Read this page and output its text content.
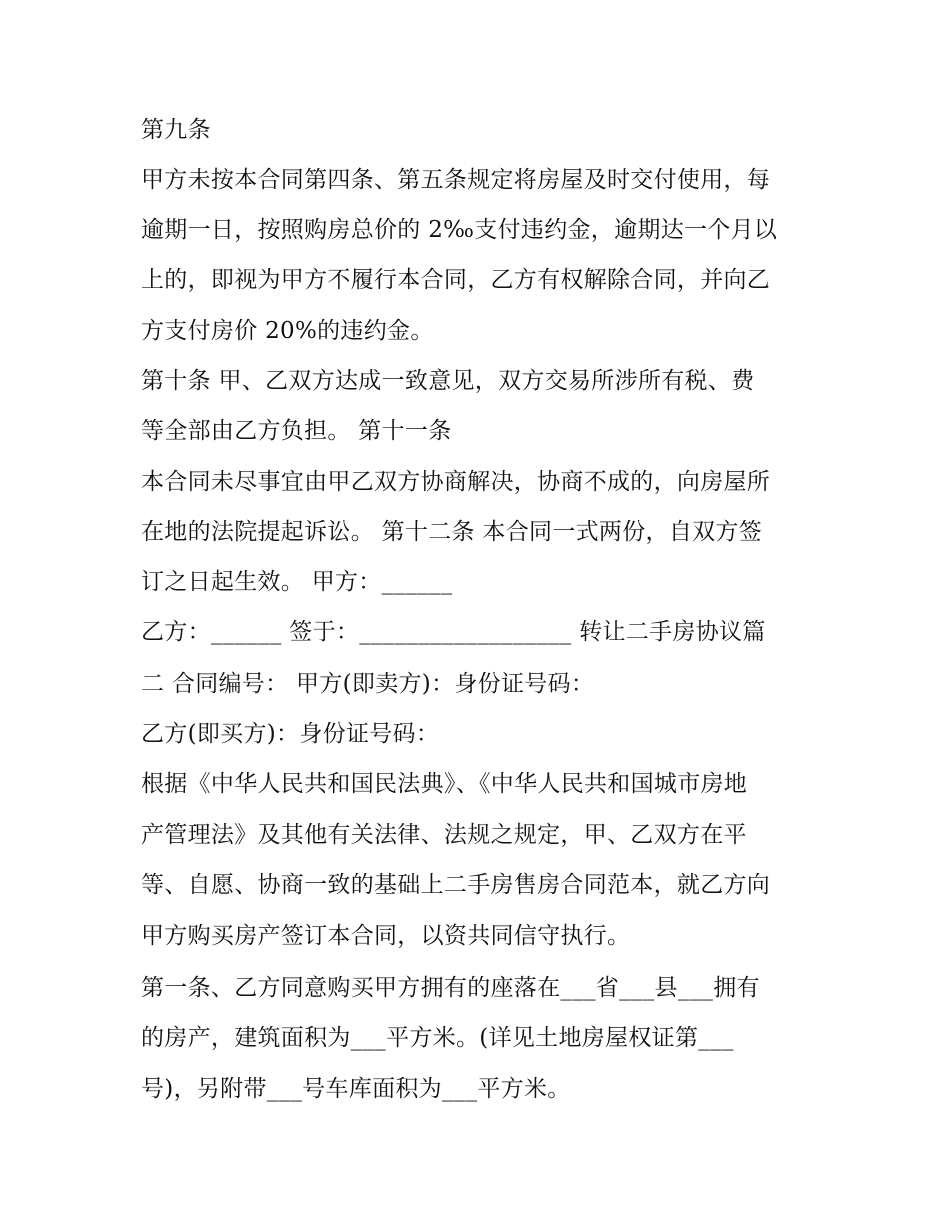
第九条
甲方未按本合同第四条、第五条规定将房屋及时交付使用，每
逾期一日，按照购房总价的 2‰支付违约金，逾期达一个月以
上的，即视为甲方不履行本合同，乙方有权解除合同，并向乙
方支付房价 20%的违约金。
第十条 甲、乙双方达成一致意见，双方交易所涉所有税、费
等全部由乙方负担。 第十一条
本合同未尽事宜由甲乙双方协商解决，协商不成的，向房屋所
在地的法院提起诉讼。 第十二条 本合同一式两份，自双方签
订之日起生效。 甲方：______
乙方：______ 签于：__________________ 转让二手房协议篇
二 合同编号： 甲方(即卖方)：身份证号码：
乙方(即买方)：身份证号码：
根据《中华人民共和国民法典》、《中华人民共和国城市房地
产管理法》及其他有关法律、法规之规定，甲、乙双方在平
等、自愿、协商一致的基础上二手房售房合同范本，就乙方向
甲方购买房产签订本合同，以资共同信守执行。
第一条、乙方同意购买甲方拥有的座落在___省___县___拥有
的房产，建筑面积为___平方米。(详见土地房屋权证第___
号)，另附带___号车库面积为___平方米。
